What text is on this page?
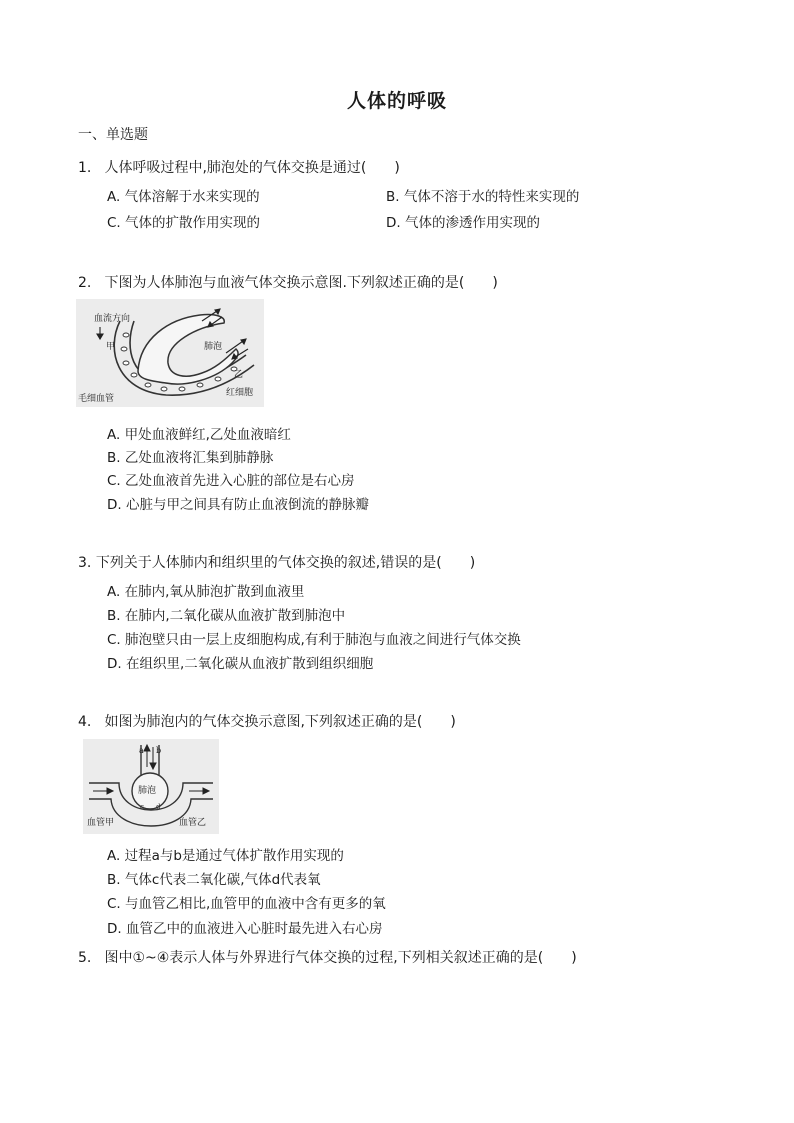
人体的呼吸
一、单选题
1. 人体呼吸过程中,肺泡处的气体交换是通过(　　)
A. 气体溶解于水来实现的	B. 气体不溶于水的特性来实现的
C. 气体的扩散作用实现的	D. 气体的渗透作用实现的
2. 下图为人体肺泡与血液气体交换示意图.下列叙述正确的是(　　)
血流方向
甲	肺泡
乙
红细胞
毛细血管
A. 甲处血液鲜红,乙处血液暗红
B. 乙处血液将汇集到肺静脉
C. 乙处血液首先进入心脏的部位是右心房
D. 心脏与甲之间具有防止血液倒流的静脉瓣
3. 下列关于人体肺内和组织里的气体交换的叙述,错误的是(　　)
A. 在肺内,氧从肺泡扩散到血液里
B. 在肺内,二氧化碳从血液扩散到肺泡中
C. 肺泡壁只由一层上皮细胞构成,有利于肺泡与血液之间进行气体交换
D. 在组织里,二氧化碳从血液扩散到组织细胞
4. 如图为肺泡内的气体交换示意图,下列叙述正确的是(　　)
a b
肺泡
c d
血管甲	血管乙
A. 过程a与b是通过气体扩散作用实现的
B. 气体c代表二氧化碳,气体d代表氧
C. 与血管乙相比,血管甲的血液中含有更多的氧
D. 血管乙中的血液进入心脏时最先进入右心房
5. 图中①~④表示人体与外界进行气体交换的过程,下列相关叙述正确的是(　　)
